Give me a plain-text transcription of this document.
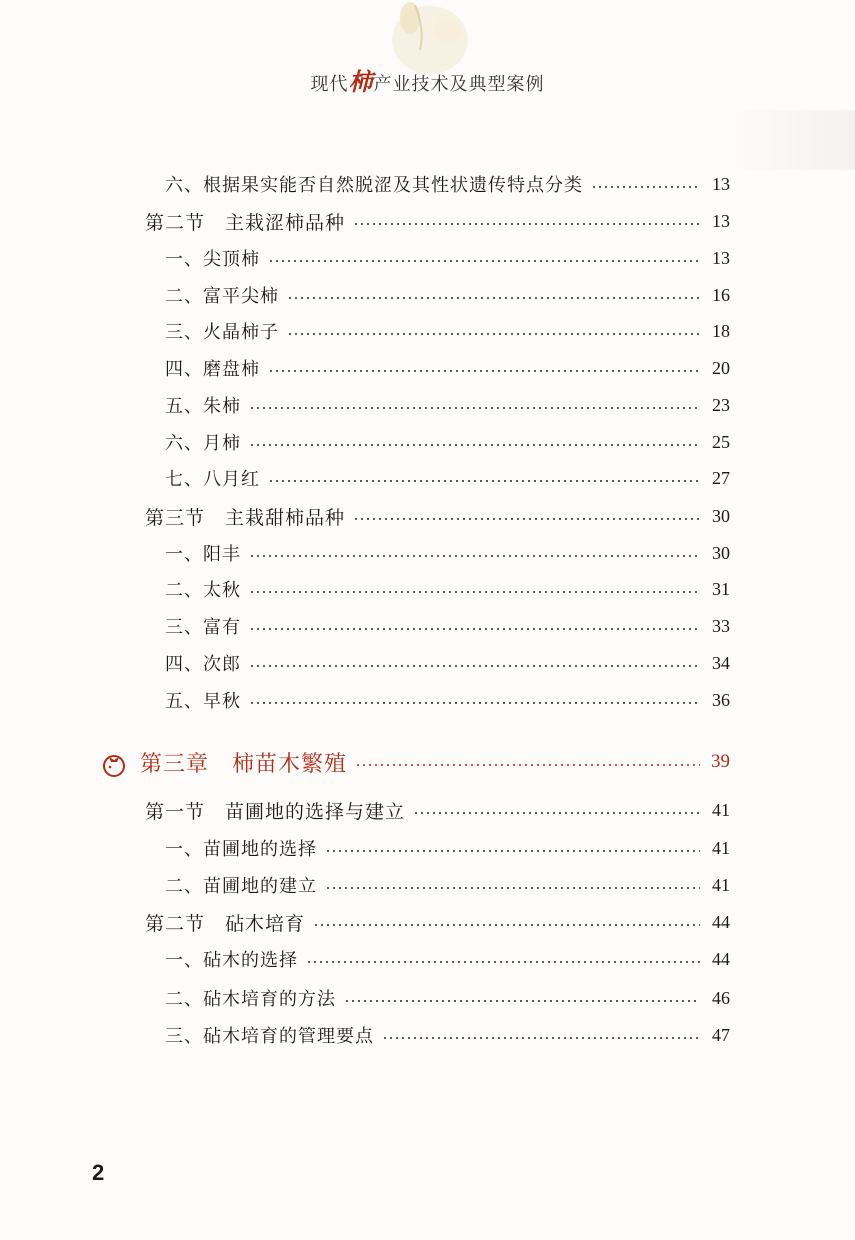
现代柿产业技术及典型案例
六、根据果实能否自然脱涩及其性状遗传特点分类	13
第二节　主栽涩柿品种	13
一、尖顶柿	13
二、富平尖柿	16
三、火晶柿子	18
四、磨盘柿	20
五、朱柿	23
六、月柿	25
七、八月红	27
第三节　主栽甜柿品种	30
一、阳丰	30
二、太秋	31
三、富有	33
四、次郎	34
五、早秋	36
第三章　柿苗木繁殖	39
第一节　苗圃地的选择与建立	41
一、苗圃地的选择	41
二、苗圃地的建立	41
第二节　砧木培育	44
一、砧木的选择	44
二、砧木培育的方法	46
三、砧木培育的管理要点	47
2
